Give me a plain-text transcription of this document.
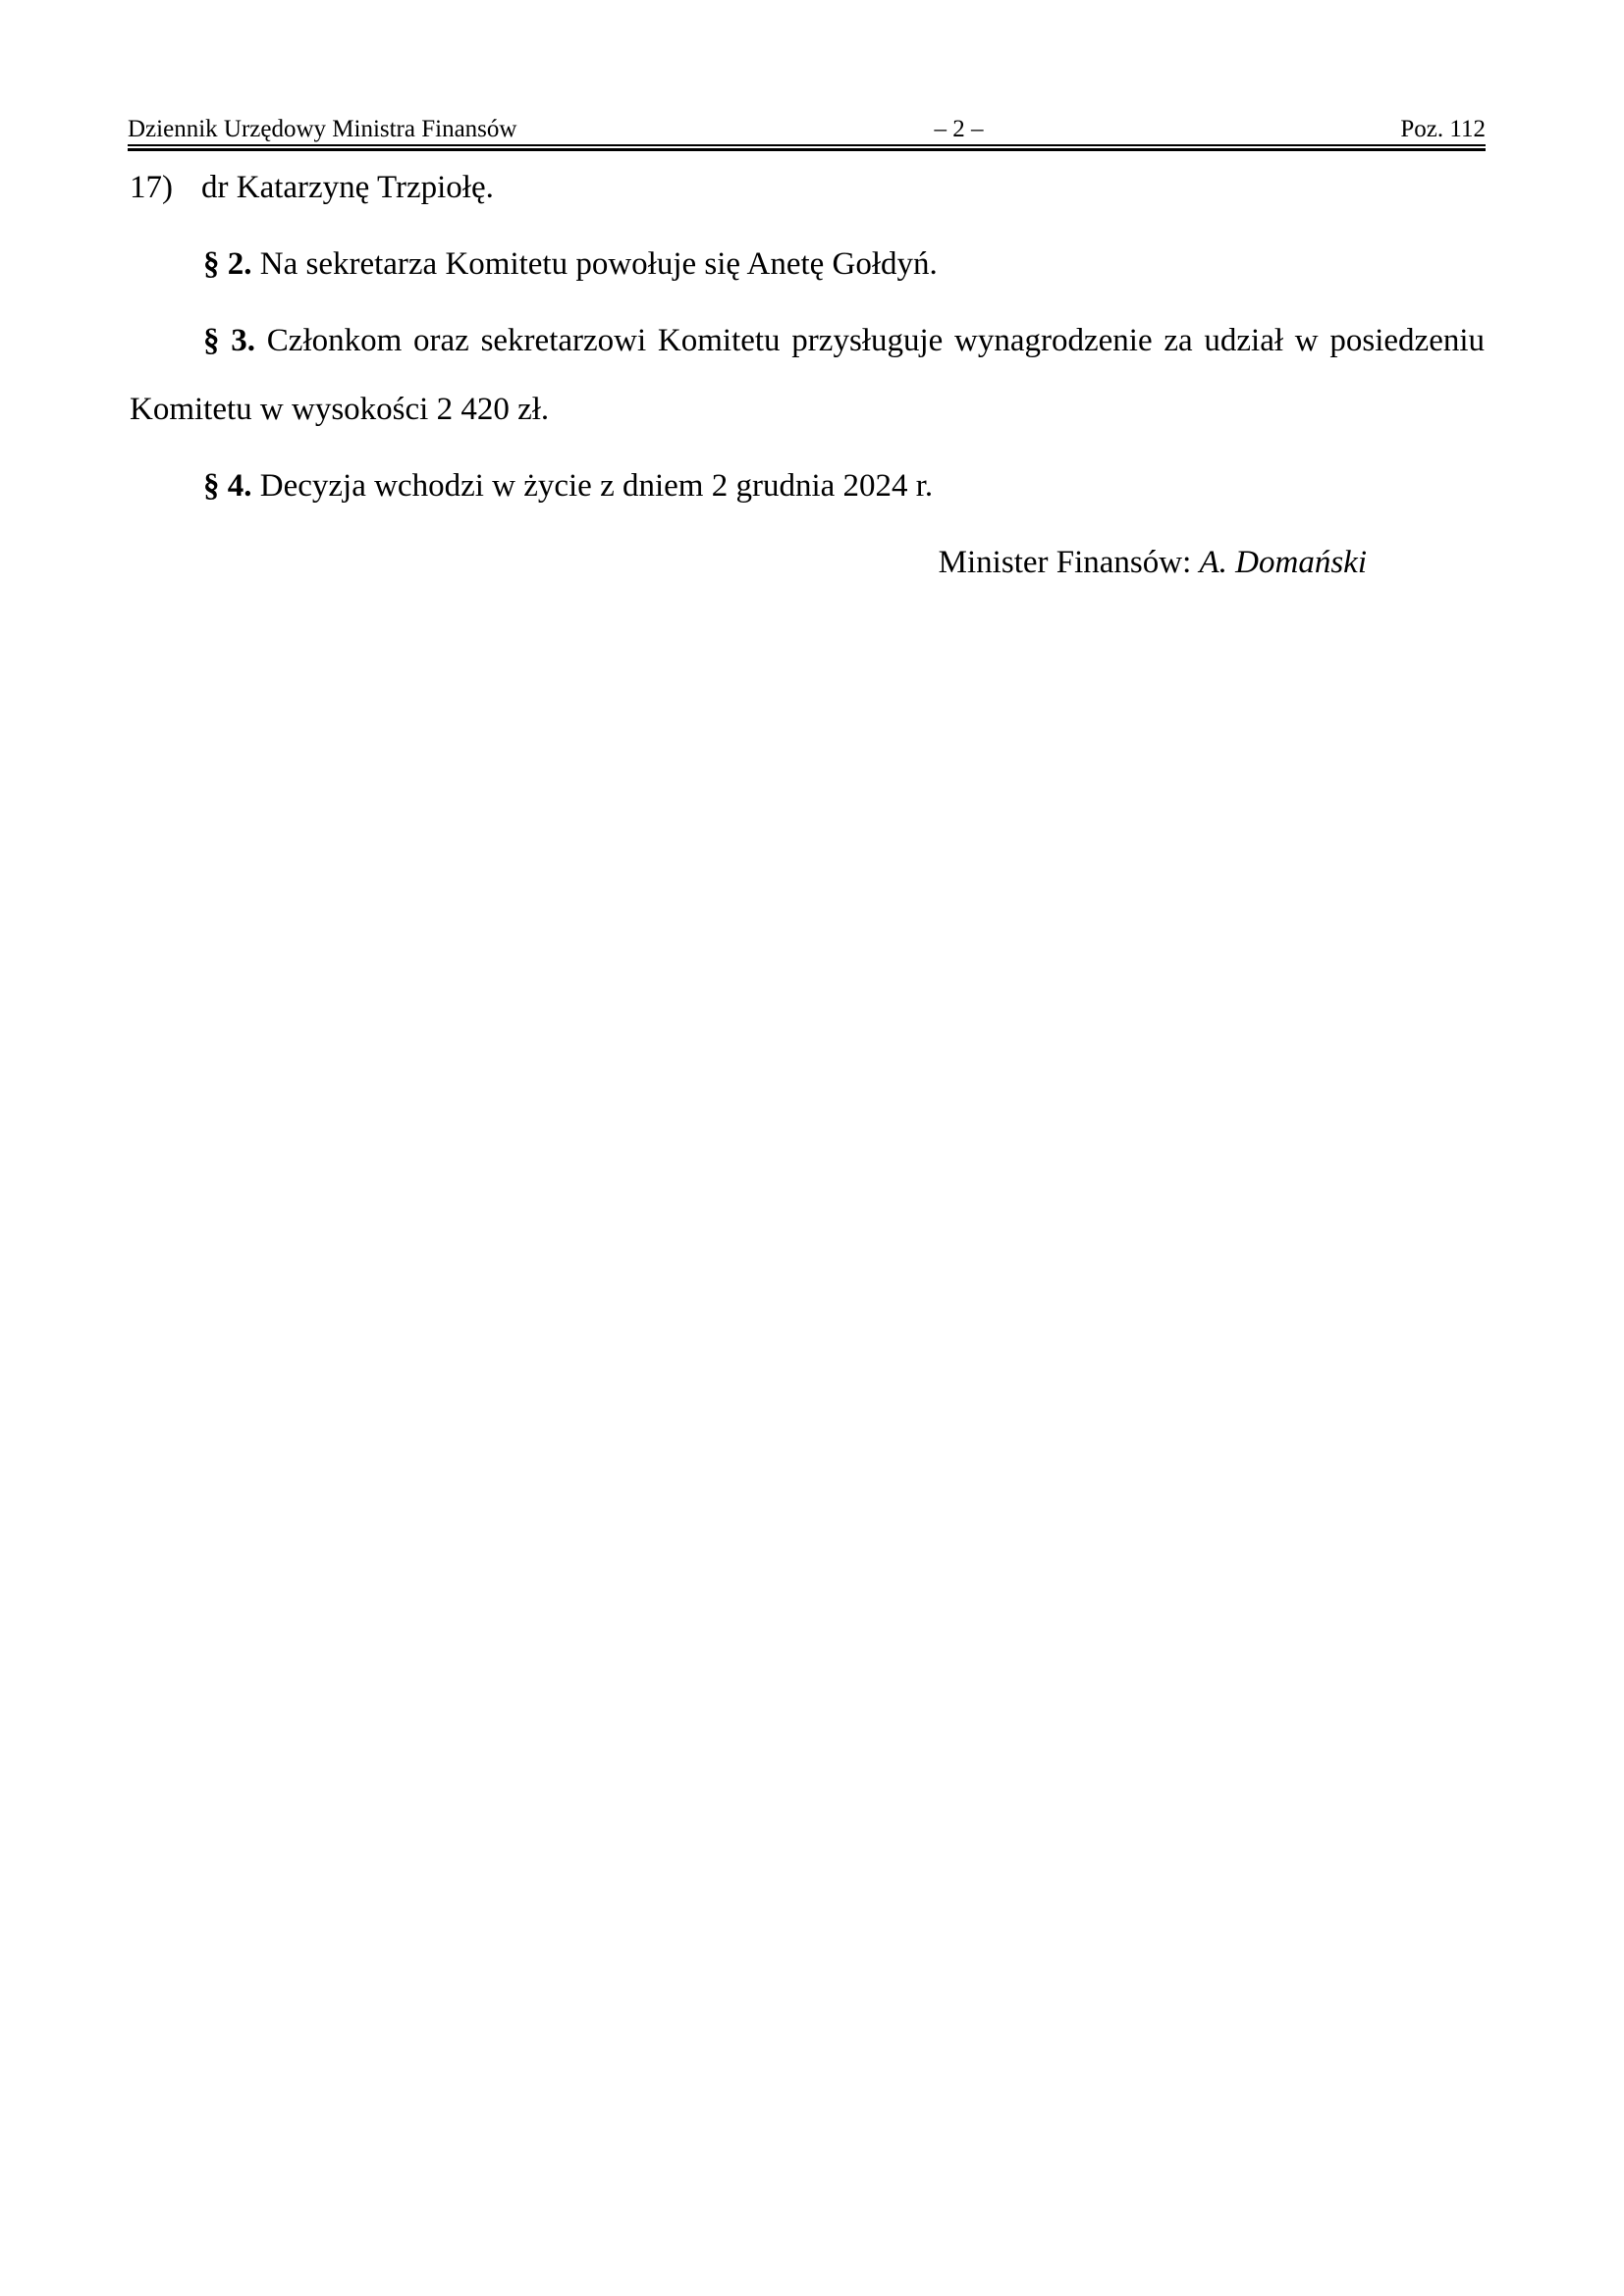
Dziennik Urzędowy Ministra Finansów	– 2 –	Poz. 112

17) dr Katarzynę Trzpiołę.

§ 2. Na sekretarza Komitetu powołuje się Anetę Gołdyń.

§ 3. Członkom oraz sekretarzowi Komitetu przysługuje wynagrodzenie za udział w posiedzeniu Komitetu w wysokości 2 420 zł.

§ 4. Decyzja wchodzi w życie z dniem 2 grudnia 2024 r.

Minister Finansów: A. Domański
